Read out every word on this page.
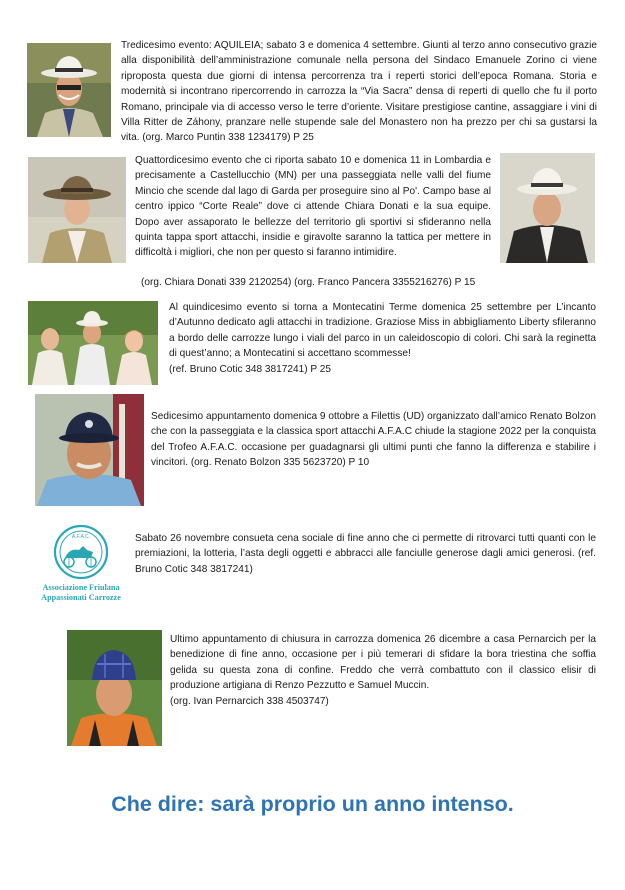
Tredicesimo evento: AQUILEIA; sabato 3 e domenica 4 settembre. Giunti al terzo anno consecutivo grazie alla disponibilità dell’amministrazione comunale nella persona del Sindaco Emanuele Zorino ci viene riproposta questa due giorni di intensa percorrenza tra i reperti storici dell’epoca Romana. Storia e modernità si incontrano ripercorrendo in carrozza la “Via Sacra” densa di reperti di quello che fu il porto Romano, principale via di accesso verso le terre d’oriente. Visitare prestigiose cantine, assaggiare i vini di Villa Ritter de Záhony, pranzare nelle stupende sale del Monastero non ha prezzo per chi sa gustarsi la vita. (org. Marco Puntin 338 1234179) P 25

Quattordicesimo evento che ci riporta sabato 10 e domenica 11 in Lombardia e precisamente a Castellucchio (MN) per una passeggiata nelle valli del fiume Mincio che scende dal lago di Garda per proseguire sino al Po'. Campo base al centro ippico “Corte Reale” dove ci attende Chiara Donati e la sua equipe. Dopo aver assaporato le bellezze del territorio gli sportivi si sfideranno nella quinta tappa sport attacchi, insidie e giravolte saranno la tattica per mettere in difficoltà i migliori, che non per questo si faranno intimidire.

(org. Chiara Donati 339 2120254) (org. Franco Pancera 3355216276) P 15

Al quindicesimo evento si torna a Montecatini Terme domenica 25 settembre per L’incanto d’Autunno dedicato agli attacchi in tradizione. Graziose Miss in abbigliamento Liberty sfileranno a bordo delle carrozze lungo i viali del parco in un caleidoscopio di colori. Chi sarà la reginetta di quest’anno; a Montecatini si accettano scommesse!

(ref. Bruno Cotic 348 3817241) P 25

Sedicesimo appuntamento domenica 9 ottobre a Filettis (UD) organizzato dall’amico Renato Bolzon che con la passeggiata e la classica sport attacchi A.F.A.C chiude la stagione 2022 per la conquista del Trofeo A.F.A.C. occasione per guadagnarsi gli ultimi punti che fanno la differenza e stabilire i vincitori. (org. Renato Bolzon 335 5623720) P 10

A.F.A.C.
Associazione Friulana
Appassionati Carrozze

Sabato 26 novembre consueta cena sociale di fine anno che ci permette di ritrovarci tutti quanti con le premiazioni, la lotteria, l’asta degli oggetti e abbracci alle fanciulle generose dagli amici generosi. (ref. Bruno Cotic 348 3817241)

Ultimo appuntamento di chiusura in carrozza domenica 26 dicembre a casa Pernarcich per la benedizione di fine anno, occasione per i più temerari di sfidare la bora triestina che soffia gelida su questa zona di confine. Freddo che verrà combattuto con il classico elisir di produzione artigiana di Renzo Pezzutto e Samuel Muccin.

(org. Ivan Pernarcich 338 4503747)

Che dire: sarà proprio un anno intenso.
